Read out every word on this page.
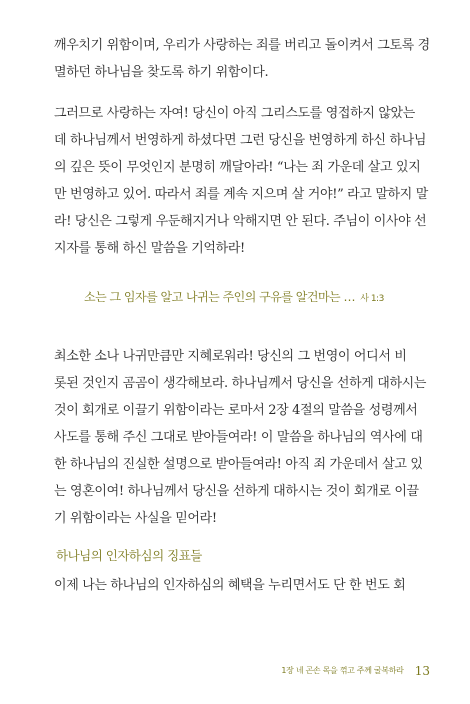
깨우치기 위함이며, 우리가 사랑하는 죄를 버리고 돌이켜서 그토록 경
멸하던 하나님을 찾도록 하기 위함이다.

그러므로 사랑하는 자여! 당신이 아직 그리스도를 영접하지 않았는
데 하나님께서 번영하게 하셨다면 그런 당신을 번영하게 하신 하나님
의 깊은 뜻이 무엇인지 분명히 깨달아라! “나는 죄 가운데 살고 있지
만 번영하고 있어. 따라서 죄를 계속 지으며 살 거야!” 라고 말하지 말
라! 당신은 그렇게 우둔해지거나 악해지면 안 된다. 주님이 이사야 선
지자를 통해 하신 말씀을 기억하라!

소는 그 임자를 알고 나귀는 주인의 구유를 알건마는 … 사 1:3

최소한 소나 나귀만큼만 지혜로워라! 당신의 그 번영이 어디서 비
롯된 것인지 곰곰이 생각해보라. 하나님께서 당신을 선하게 대하시는
것이 회개로 이끌기 위함이라는 로마서 2장 4절의 말씀을 성령께서
사도를 통해 주신 그대로 받아들여라! 이 말씀을 하나님의 역사에 대
한 하나님의 진실한 설명으로 받아들여라! 아직 죄 가운데서 살고 있
는 영혼이여! 하나님께서 당신을 선하게 대하시는 것이 회개로 이끌
기 위함이라는 사실을 믿어라!

하나님의 인자하심의 징표들

이제 나는 하나님의 인자하심의 혜택을 누리면서도 단 한 번도 회

1장 네 곤손 목을 꺾고 주께 굴복하라 13
